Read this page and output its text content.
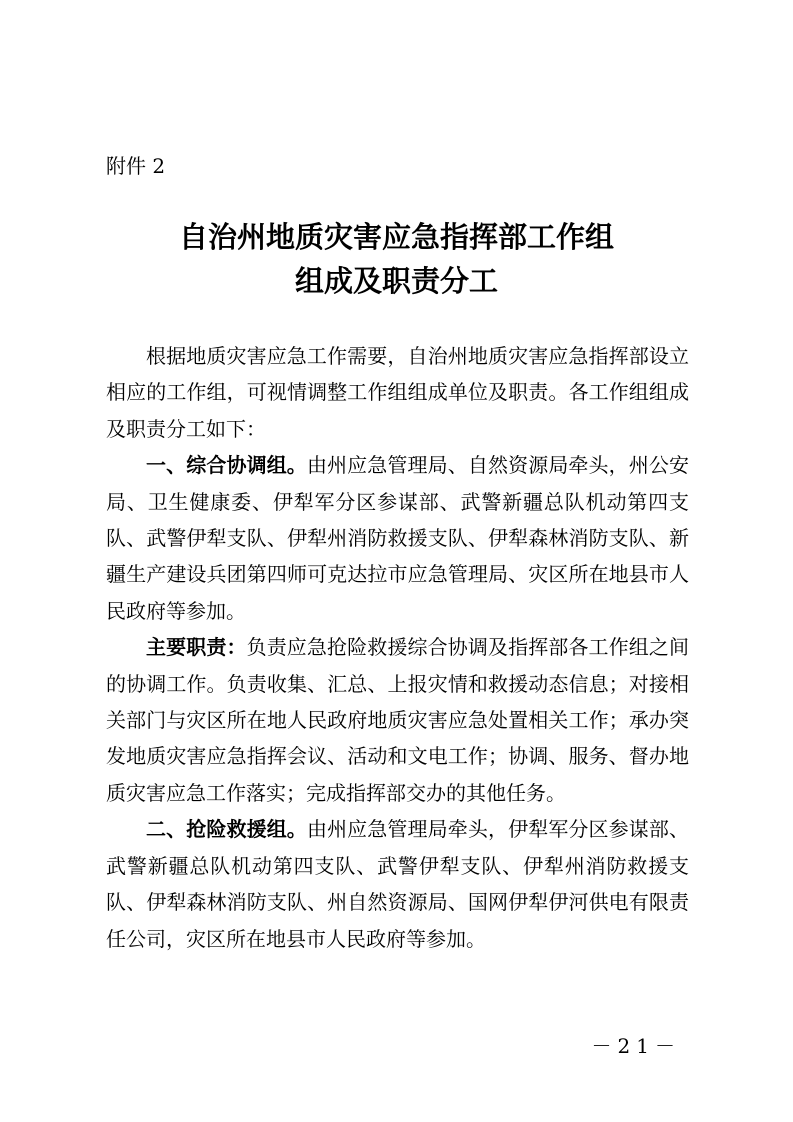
附件 2

自治州地质灾害应急指挥部工作组
组成及职责分工

根据地质灾害应急工作需要，自治州地质灾害应急指挥部设立相应的工作组，可视情调整工作组组成单位及职责。各工作组组成及职责分工如下：

一、综合协调组。由州应急管理局、自然资源局牵头，州公安局、卫生健康委、伊犁军分区参谋部、武警新疆总队机动第四支队、武警伊犁支队、伊犁州消防救援支队、伊犁森林消防支队、新疆生产建设兵团第四师可克达拉市应急管理局、灾区所在地县市人民政府等参加。

主要职责：负责应急抢险救援综合协调及指挥部各工作组之间的协调工作。负责收集、汇总、上报灾情和救援动态信息；对接相关部门与灾区所在地人民政府地质灾害应急处置相关工作；承办突发地质灾害应急指挥会议、活动和文电工作；协调、服务、督办地质灾害应急工作落实；完成指挥部交办的其他任务。

二、抢险救援组。由州应急管理局牵头，伊犁军分区参谋部、武警新疆总队机动第四支队、武警伊犁支队、伊犁州消防救援支队、伊犁森林消防支队、州自然资源局、国网伊犁伊河供电有限责任公司，灾区所在地县市人民政府等参加。

－21－
